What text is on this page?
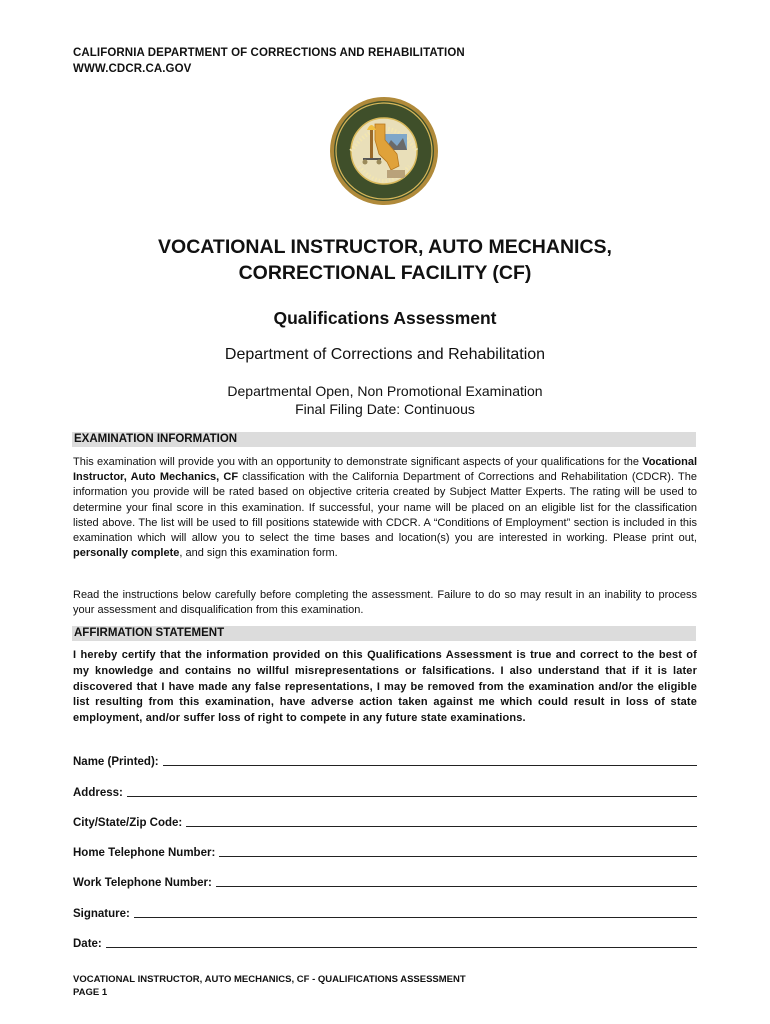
CALIFORNIA DEPARTMENT OF CORRECTIONS AND REHABILITATION
WWW.CDCR.CA.GOV
VOCATIONAL INSTRUCTOR, AUTO MECHANICS,
CORRECTIONAL FACILITY (CF)
Qualifications Assessment
Department of Corrections and Rehabilitation
Departmental Open, Non Promotional Examination
Final Filing Date: Continuous
EXAMINATION INFORMATION
This examination will provide you with an opportunity to demonstrate significant aspects of your qualifications for the Vocational Instructor, Auto Mechanics, CF classification with the California Department of Corrections and Rehabilitation (CDCR). The information you provide will be rated based on objective criteria created by Subject Matter Experts. The rating will be used to determine your final score in this examination. If successful, your name will be placed on an eligible list for the classification listed above. The list will be used to fill positions statewide with CDCR. A “Conditions of Employment” section is included in this examination which will allow you to select the time bases and location(s) you are interested in working. Please print out, personally complete, and sign this examination form.
Read the instructions below carefully before completing the assessment. Failure to do so may result in an inability to process your assessment and disqualification from this examination.
AFFIRMATION STATEMENT
I hereby certify that the information provided on this Qualifications Assessment is true and correct to the best of my knowledge and contains no willful misrepresentations or falsifications. I also understand that if it is later discovered that I have made any false representations, I may be removed from the examination and/or the eligible list resulting from this examination, have adverse action taken against me which could result in loss of state employment, and/or suffer loss of right to compete in any future state examinations.
Name (Printed):
Address:
City/State/Zip Code:
Home Telephone Number:
Work Telephone Number:
Signature:
Date:
VOCATIONAL INSTRUCTOR, AUTO MECHANICS, CF - QUALIFICATIONS ASSESSMENT
PAGE 1
